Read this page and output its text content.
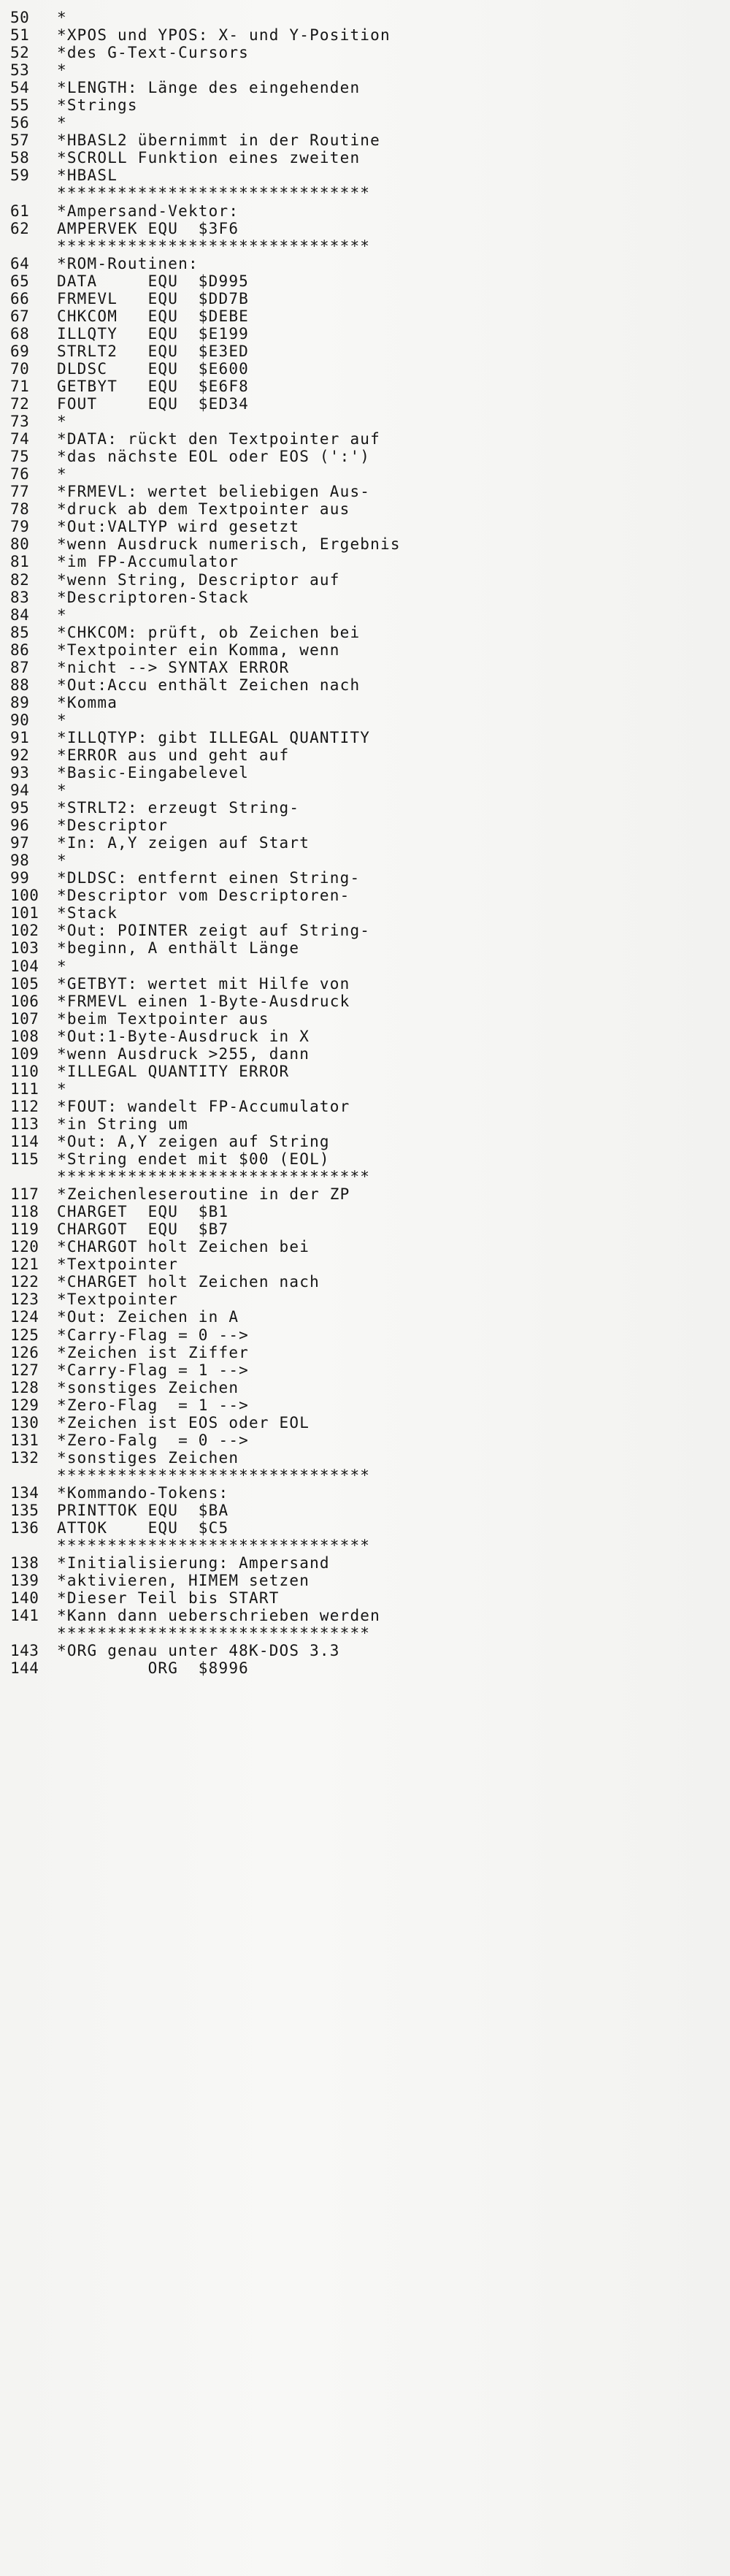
50	*
51	*XPOS und YPOS: X- und Y-Position
52	*des G-Text-Cursors
53	*
54	*LENGTH: Länge des eingehenden
55	*Strings
56	*
57	*HBASL2 übernimmt in der Routine
58	*SCROLL Funktion eines zweiten
59	*HBASL
*******************************
61	*Ampersand-Vektor:
62	AMPERVEK EQU  $3F6
*******************************
64	*ROM-Routinen:
65	DATA     EQU  $D995
66	FRMEVL   EQU  $DD7B
67	CHKCOM   EQU  $DEBE
68	ILLQTY   EQU  $E199
69	STRLT2   EQU  $E3ED
70	DLDSC    EQU  $E600
71	GETBYT   EQU  $E6F8
72	FOUT     EQU  $ED34
73	*
74	*DATA: rückt den Textpointer auf
75	*das nächste EOL oder EOS (':')
76	*
77	*FRMEVL: wertet beliebigen Aus-
78	*druck ab dem Textpointer aus
79	*Out:VALTYP wird gesetzt
80	*wenn Ausdruck numerisch, Ergebnis
81	*im FP-Accumulator
82	*wenn String, Descriptor auf
83	*Descriptoren-Stack
84	*
85	*CHKCOM: prüft, ob Zeichen bei
86	*Textpointer ein Komma, wenn
87	*nicht --> SYNTAX ERROR
88	*Out:Accu enthält Zeichen nach
89	*Komma
90	*
91	*ILLQTYP: gibt ILLEGAL QUANTITY
92	*ERROR aus und geht auf
93	*Basic-Eingabelevel
94	*
95	*STRLT2: erzeugt String-
96	*Descriptor
97	*In: A,Y zeigen auf Start
98	*
99	*DLDSC: entfernt einen String-
100	*Descriptor vom Descriptoren-
101	*Stack
102	*Out: POINTER zeigt auf String-
103	*beginn, A enthält Länge
104	*
105	*GETBYT: wertet mit Hilfe von
106	*FRMEVL einen 1-Byte-Ausdruck
107	*beim Textpointer aus
108	*Out:1-Byte-Ausdruck in X
109	*wenn Ausdruck >255, dann
110	*ILLEGAL QUANTITY ERROR
111	*
112	*FOUT: wandelt FP-Accumulator
113	*in String um
114	*Out: A,Y zeigen auf String
115	*String endet mit $00 (EOL)
*******************************
117	*Zeichenleseroutine in der ZP
118	CHARGET  EQU  $B1
119	CHARGOT  EQU  $B7
120	*CHARGOT holt Zeichen bei
121	*Textpointer
122	*CHARGET holt Zeichen nach
123	*Textpointer
124	*Out: Zeichen in A
125	*Carry-Flag = 0 -->
126	*Zeichen ist Ziffer
127	*Carry-Flag = 1 -->
128	*sonstiges Zeichen
129	*Zero-Flag  = 1 -->
130	*Zeichen ist EOS oder EOL
131	*Zero-Falg  = 0 -->
132	*sonstiges Zeichen
*******************************
134	*Kommando-Tokens:
135	PRINTTOK EQU  $BA
136	ATTOK    EQU  $C5
*******************************
138	*Initialisierung: Ampersand
139	*aktivieren, HIMEM setzen
140	*Dieser Teil bis START
141	*Kann dann ueberschrieben werden
*******************************
143	*ORG genau unter 48K-DOS 3.3
144	ORG  $8996
